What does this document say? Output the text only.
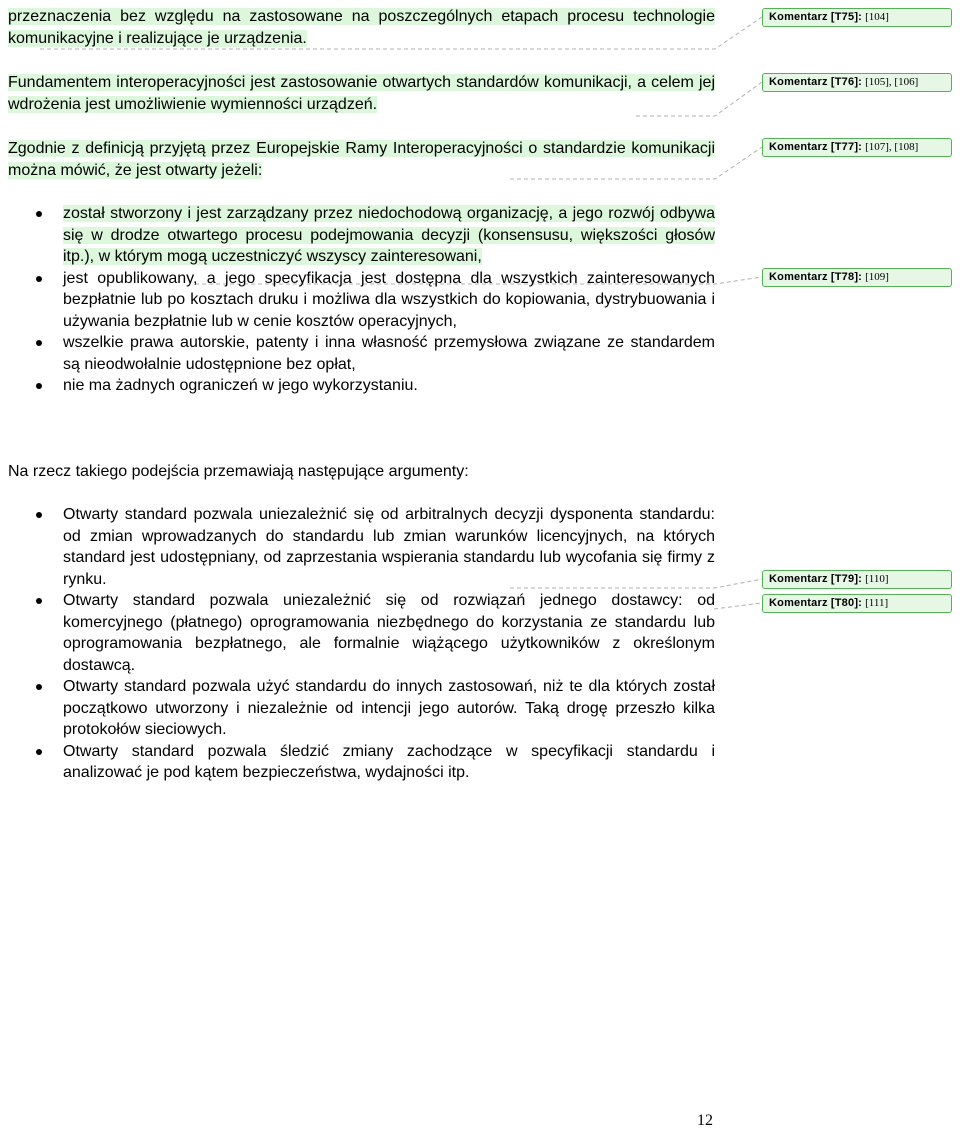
przeznaczenia bez względu na zastosowane na poszczególnych etapach procesu technologie komunikacyjne i realizujące je urządzenia.
Fundamentem interoperacyjności jest zastosowanie otwartych standardów komunikacji, a celem jej wdrożenia jest umożliwienie wymienności urządzeń.
Zgodnie z definicją przyjętą przez Europejskie Ramy Interoperacyjności o standardzie komunikacji można mówić, że jest otwarty jeżeli:
został stworzony i jest zarządzany przez niedochodową organizację, a jego rozwój odbywa się w drodze otwartego procesu podejmowania decyzji (konsensusu, większości głosów itp.), w którym mogą uczestniczyć wszyscy zainteresowani,
jest opublikowany, a jego specyfikacja jest dostępna dla wszystkich zainteresowanych bezpłatnie lub po kosztach druku i możliwa dla wszystkich do kopiowania, dystrybuowania i używania bezpłatnie lub w cenie kosztów operacyjnych,
wszelkie prawa autorskie, patenty i inna własność przemysłowa związane ze standardem są nieodwołalnie udostępnione bez opłat,
nie ma żadnych ograniczeń w jego wykorzystaniu.
Na rzecz takiego podejścia przemawiają następujące argumenty:
Otwarty standard pozwala uniezależnić się od arbitralnych decyzji dysponenta standardu: od zmian wprowadzanych do standardu lub zmian warunków licencyjnych, na których standard jest udostępniany, od zaprzestania wspierania standardu lub wycofania się firmy z rynku.
Otwarty standard pozwala uniezależnić się od rozwiązań jednego dostawcy: od komercyjnego (płatnego) oprogramowania niezbędnego do korzystania ze standardu lub oprogramowania bezpłatnego, ale formalnie wiążącego użytkowników z określonym dostawcą.
Otwarty standard pozwala użyć standardu do innych zastosowań, niż te dla których został początkowo utworzony i niezależnie od intencji jego autorów. Taką drogę przeszło kilka protokołów sieciowych.
Otwarty standard pozwala śledzić zmiany zachodzące w specyfikacji standardu i analizować je pod kątem bezpieczeństwa, wydajności itp.
Komentarz [T75]: [104]
Komentarz [T76]: [105], [106]
Komentarz [T77]: [107], [108]
Komentarz [T78]: [109]
Komentarz [T79]: [110]
Komentarz [T80]: [111]
12
